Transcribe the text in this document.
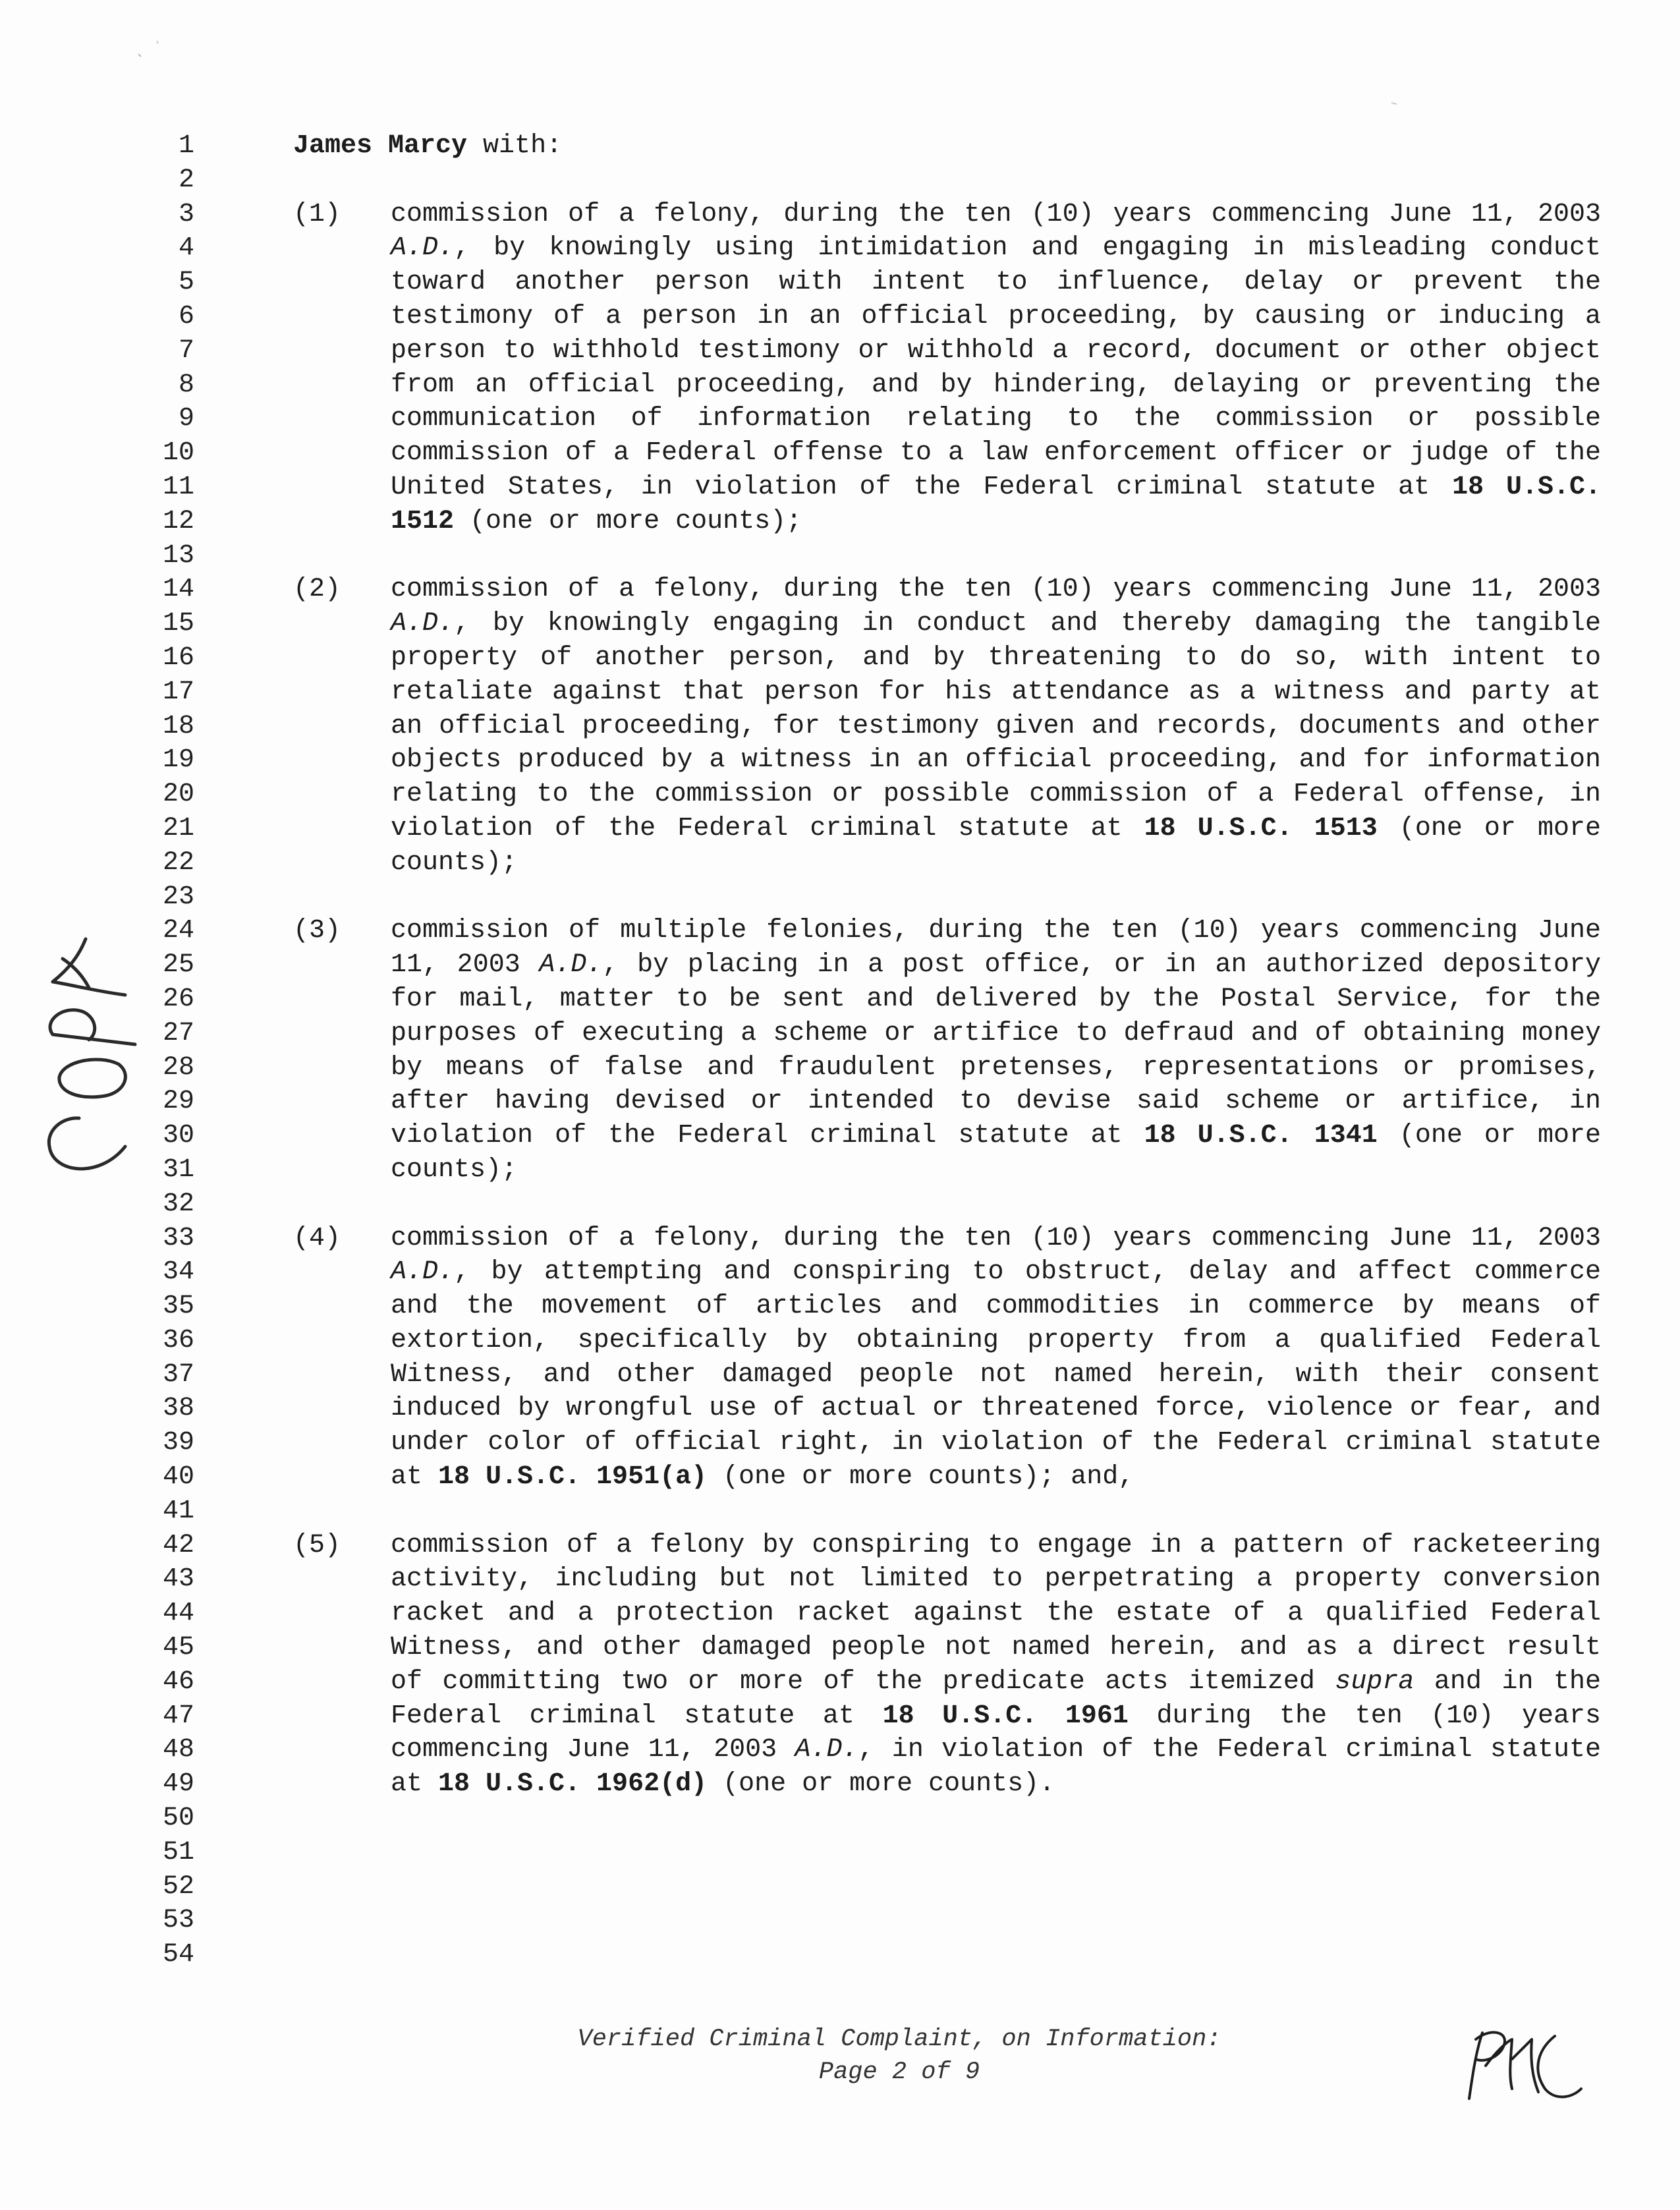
1
2
3
4
5
6
7
8
9
10
11
12
13
14
15
16
17
18
19
20
21
22
23
24
25
26
27
28
29
30
31
32
33
34
35
36
37
38
39
40
41
42
43
44
45
46
47
48
49
50
51
52
53
54
James Marcy with:
(1) commission of a felony, during the ten (10) years commencing June 11, 2003 A.D., by knowingly using intimidation and engaging in misleading conduct toward another person with intent to influence, delay or prevent the testimony of a person in an official proceeding, by causing or inducing a person to withhold testimony or withhold a record, document or other object from an official proceeding, and by hindering, delaying or preventing the communication of information relating to the commission or possible commission of a Federal offense to a law enforcement officer or judge of the United States, in violation of the Federal criminal statute at 18 U.S.C. 1512 (one or more counts);

(2) commission of a felony, during the ten (10) years commencing June 11, 2003 A.D., by knowingly engaging in conduct and thereby damaging the tangible property of another person, and by threatening to do so, with intent to retaliate against that person for his attendance as a witness and party at an official proceeding, for testimony given and records, documents and other objects produced by a witness in an official proceeding, and for information relating to the commission or possible commission of a Federal offense, in violation of the Federal criminal statute at 18 U.S.C. 1513 (one or more counts);

(3) commission of multiple felonies, during the ten (10) years commencing June 11, 2003 A.D., by placing in a post office, or in an authorized depository for mail, matter to be sent and delivered by the Postal Service, for the purposes of executing a scheme or artifice to defraud and of obtaining money by means of false and fraudulent pretenses, representations or promises, after having devised or intended to devise said scheme or artifice, in violation of the Federal criminal statute at 18 U.S.C. 1341 (one or more counts);

(4) commission of a felony, during the ten (10) years commencing June 11, 2003 A.D., by attempting and conspiring to obstruct, delay and affect commerce and the movement of articles and commodities in commerce by means of extortion, specifically by obtaining property from a qualified Federal Witness, and other damaged people not named herein, with their consent induced by wrongful use of actual or threatened force, violence or fear, and under color of official right, in violation of the Federal criminal statute at 18 U.S.C. 1951(a) (one or more counts); and,

(5) commission of a felony by conspiring to engage in a pattern of racketeering activity, including but not limited to perpetrating a property conversion racket and a protection racket against the estate of a qualified Federal Witness, and other damaged people not named herein, and as a direct result of committing two or more of the predicate acts itemized supra and in the Federal criminal statute at 18 U.S.C. 1961 during the ten (10) years commencing June 11, 2003 A.D., in violation of the Federal criminal statute at 18 U.S.C. 1962(d) (one or more counts).

Verified Criminal Complaint, on Information:
Page 2 of 9
